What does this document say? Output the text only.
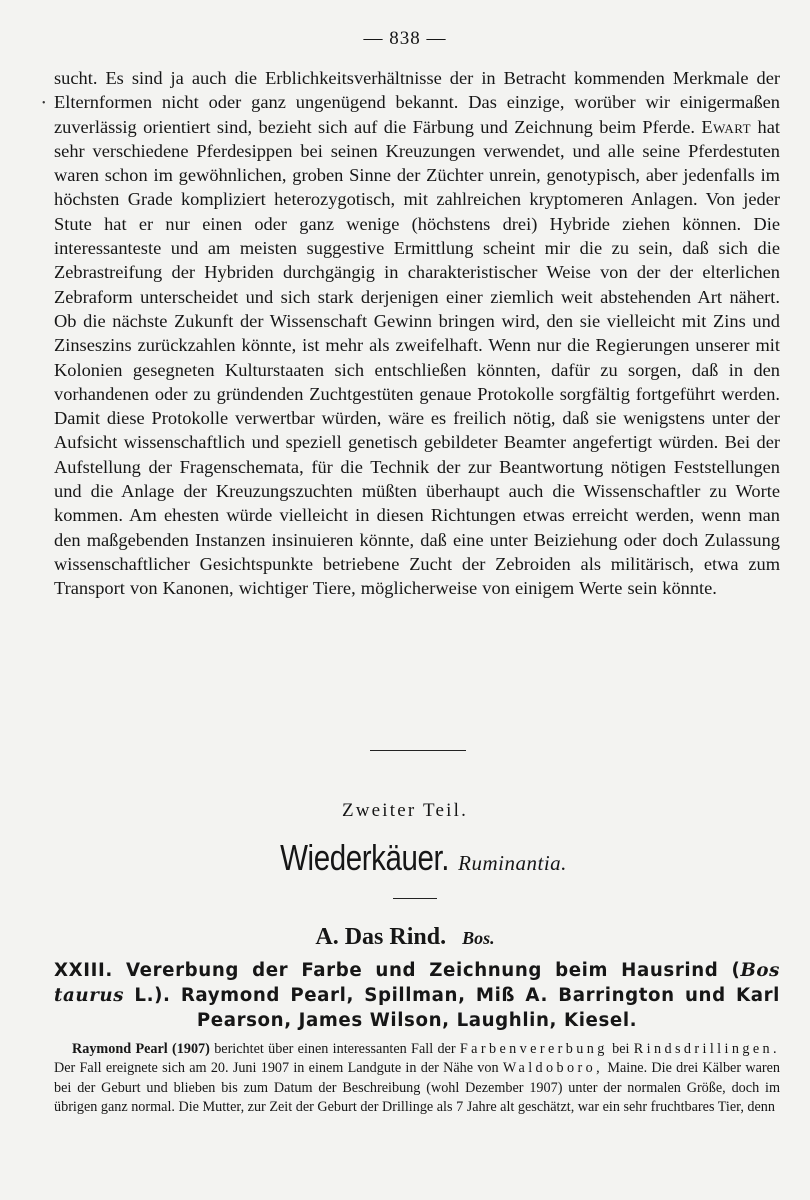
— 838 —
•

sucht. Es sind ja auch die Erblichkeitsverhältnisse der in Betracht kommenden Merkmale der Elternformen nicht oder ganz ungenügend bekannt. Das einzige, worüber wir einigermaßen zuverlässig orientiert sind, bezieht sich auf die Färbung und Zeichnung beim Pferde. Ewart hat sehr verschiedene Pferdesippen bei seinen Kreuzungen verwendet, und alle seine Pferdestuten waren schon im gewöhnlichen, groben Sinne der Züchter unrein, genotypisch, aber jedenfalls im höchsten Grade kompliziert heterozygotisch, mit zahlreichen kryptomeren Anlagen. Von jeder Stute hat er nur einen oder ganz wenige (höchstens drei) Hybride ziehen können. Die interessanteste und am meisten suggestive Ermittlung scheint mir die zu sein, daß sich die Zebrastreifung der Hybriden durchgängig in charakteristischer Weise von der der elterlichen Zebraform unterscheidet und sich stark derjenigen einer ziemlich weit abstehenden Art nähert. Ob die nächste Zukunft der Wissenschaft Gewinn bringen wird, den sie vielleicht mit Zins und Zinseszins zurückzahlen könnte, ist mehr als zweifelhaft. Wenn nur die Regierungen unserer mit Kolonien gesegneten Kulturstaaten sich entschließen könnten, dafür zu sorgen, daß in den vorhandenen oder zu gründenden Zuchtgestüten genaue Protokolle sorgfältig fortgeführt werden. Damit diese Protokolle verwertbar würden, wäre es freilich nötig, daß sie wenigstens unter der Aufsicht wissenschaftlich und speziell genetisch gebildeter Beamter angefertigt würden. Bei der Aufstellung der Fragenschemata, für die Technik der zur Beantwortung nötigen Feststellungen und die Anlage der Kreuzungszuchten müßten überhaupt auch die Wissenschaftler zu Worte kommen. Am ehesten würde vielleicht in diesen Richtungen etwas erreicht werden, wenn man den maßgebenden Instanzen insinuieren könnte, daß eine unter Beiziehung oder doch Zulassung wissenschaftlicher Gesichtspunkte betriebene Zucht der Zebroiden als militärisch, etwa zum Transport von Kanonen, wichtiger Tiere, möglicherweise von einigem Werte sein könnte.

Zweiter Teil.
Wiederkäuer. Ruminantia.
A. Das Rind. Bos.

XXIII. Vererbung der Farbe und Zeichnung beim Hausrind (Bos taurus L.). Raymond Pearl, Spillman, Miß A. Barrington und Karl Pearson, James Wilson, Laughlin, Kiesel.

Raymond Pearl (1907) berichtet über einen interessanten Fall der Farbenvererbung bei Rindsdrillingen. Der Fall ereignete sich am 20. Juni 1907 in einem Landgute in der Nähe von Waldoboro, Maine. Die drei Kälber waren bei der Geburt und blieben bis zum Datum der Beschreibung (wohl Dezember 1907) unter der normalen Größe, doch im übrigen ganz normal. Die Mutter, zur Zeit der Geburt der Drillinge als 7 Jahre alt geschätzt, war ein sehr fruchtbares Tier, denn
